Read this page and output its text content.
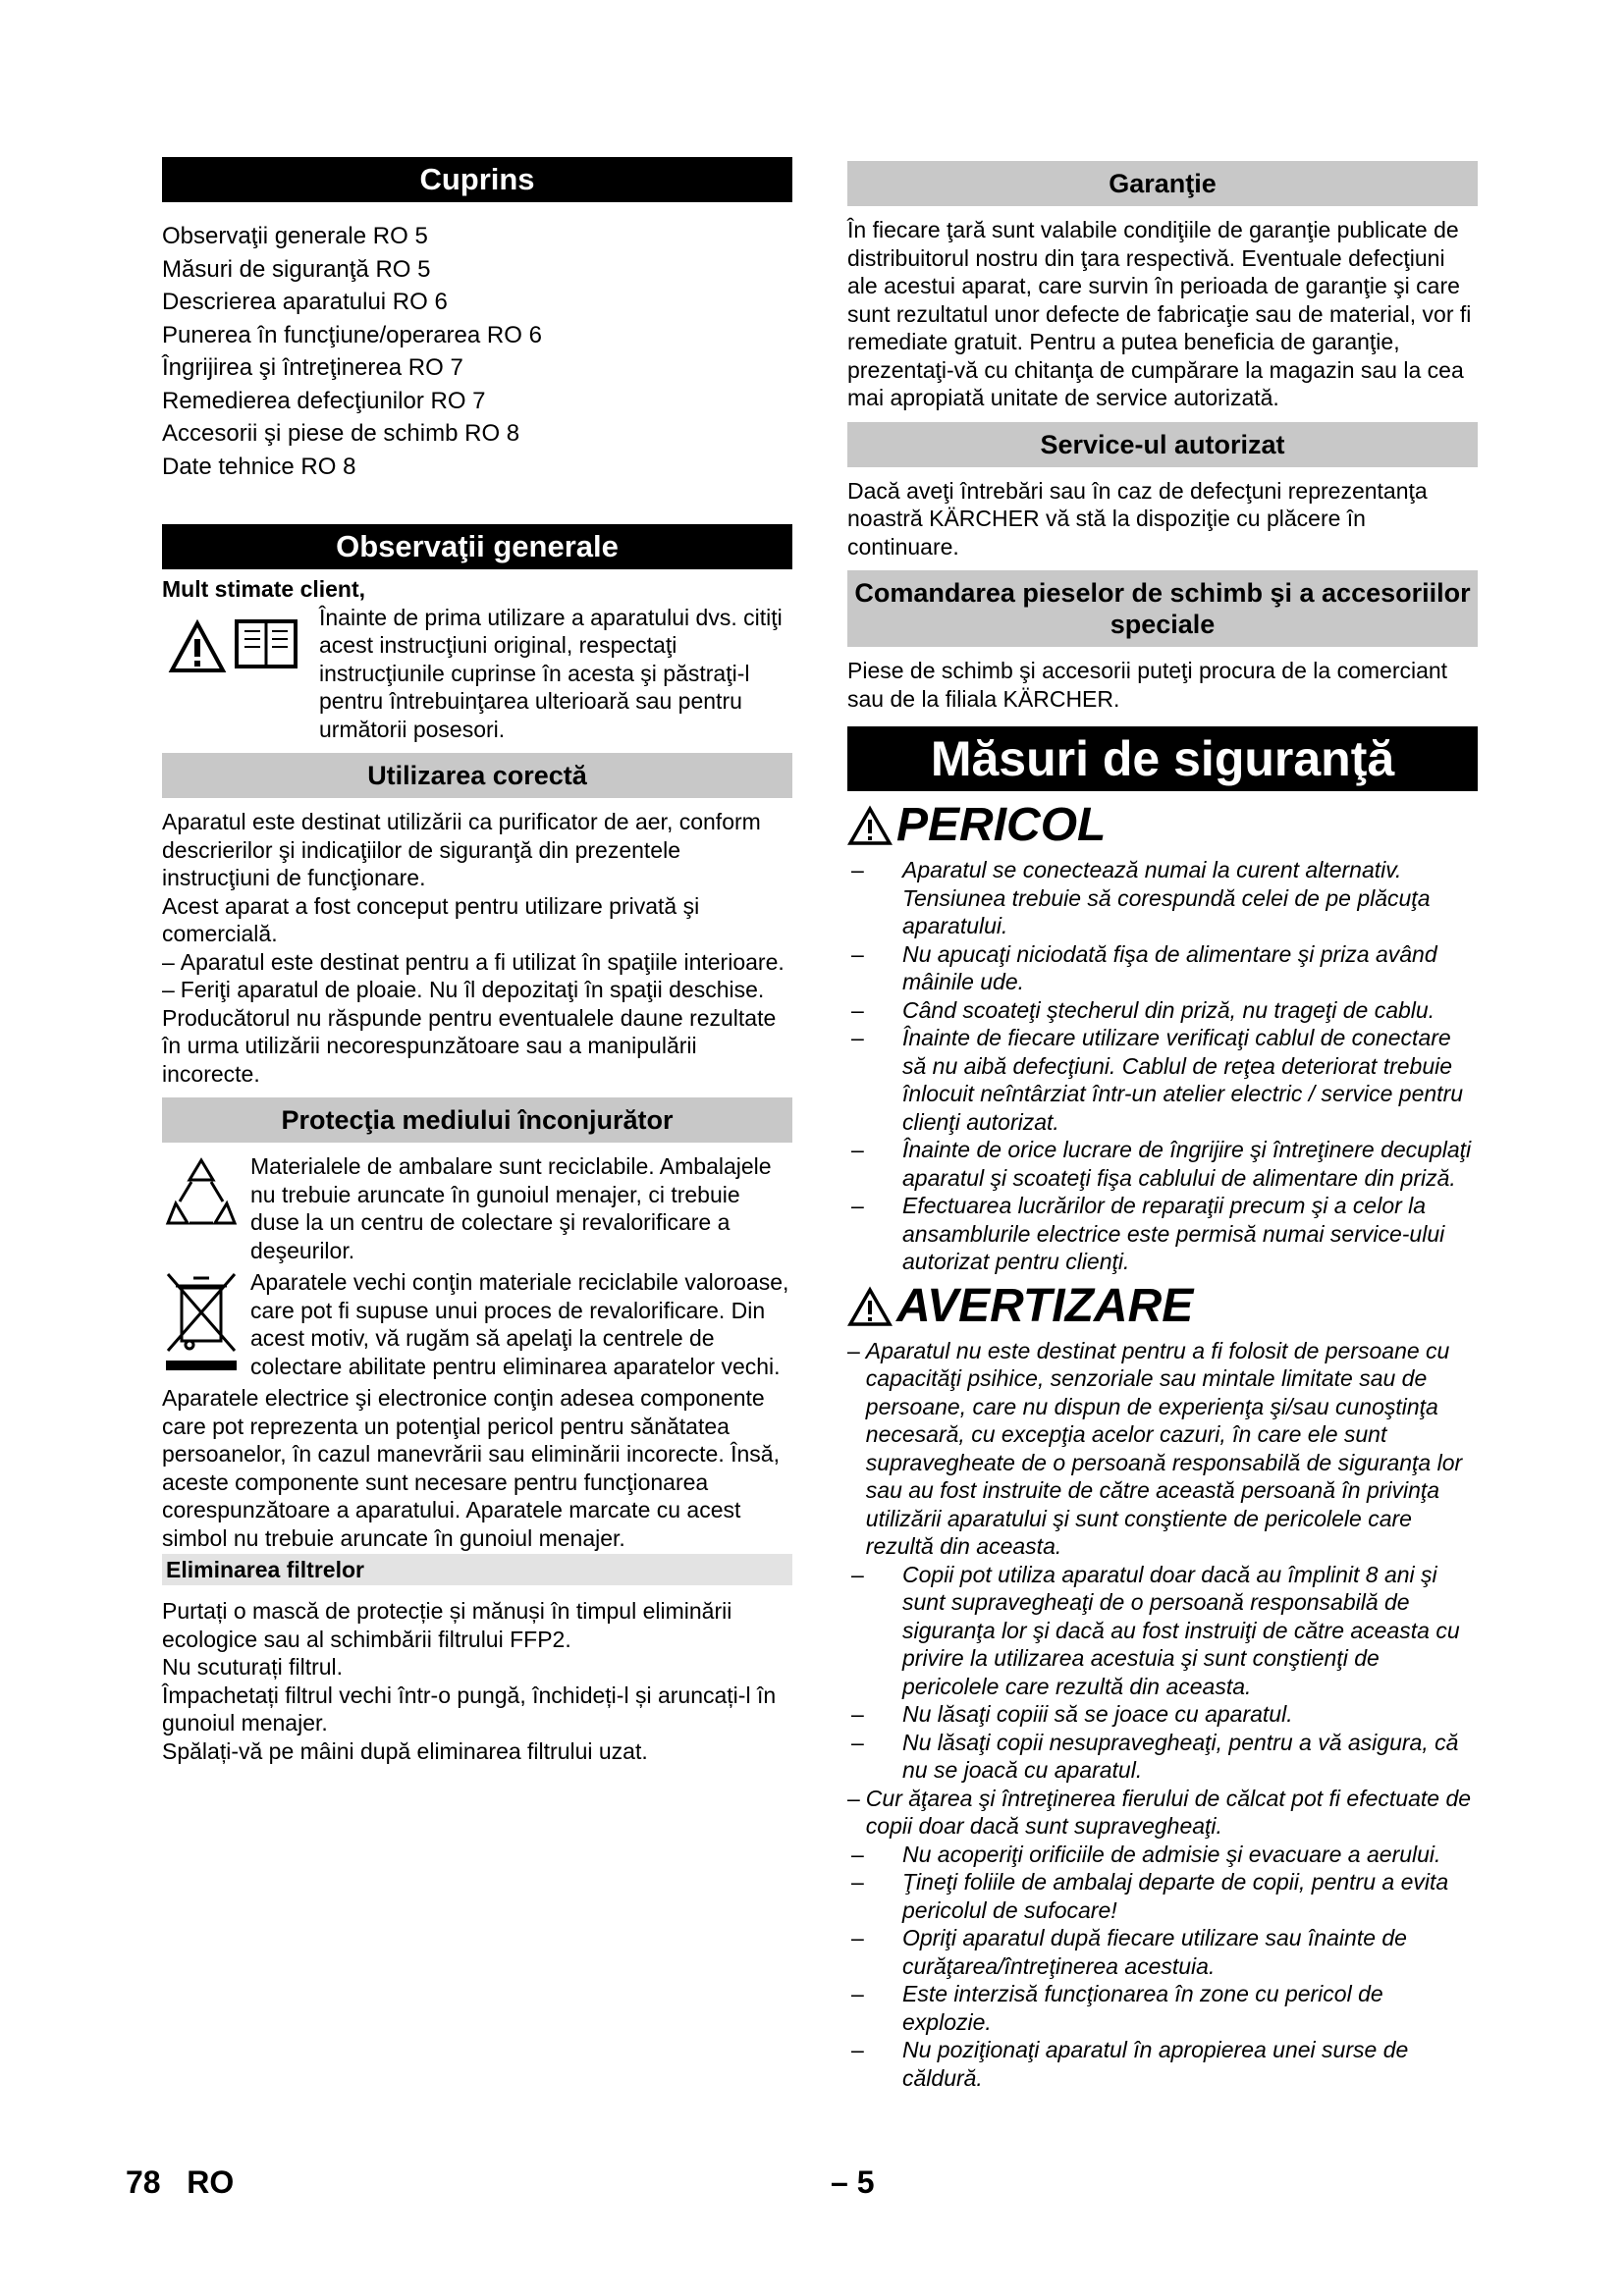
Cuprins

Observaţii generale RO 5

Măsuri de siguranţă RO 5

Descrierea aparatului RO 6

Punerea în funcţiune/operarea RO 6

Îngrijirea şi întreţinerea RO 7

Remedierea defecţiunilor RO 7

Accesorii şi piese de schimb RO 8

Date tehnice RO 8

Observaţii generale

Mult stimate client,

Înainte de prima utilizare a aparatului dvs. citiţi acest instrucţiuni original, respectaţi instrucţiunile cuprinse în acesta şi păstraţi-l pentru întrebuinţarea ulterioară sau pentru următorii posesori.

Utilizarea corectă

Aparatul este destinat utilizării ca purificator de aer, conform descrierilor şi indicaţiilor de siguranţă din prezentele instrucţiuni de funcţionare.

Acest aparat a fost conceput pentru utilizare privată şi comercială.

– Aparatul este destinat pentru a fi utilizat în spaţiile interioare.
– Feriţi aparatul de ploaie. Nu îl depozitaţi în spaţii deschise.

Producătorul nu răspunde pentru eventualele daune rezultate în urma utilizării necorespunzătoare sau a manipulării incorecte.

Protecţia mediului înconjurător

Materialele de ambalare sunt reciclabile. Ambalajele nu trebuie aruncate în gunoiul menajer, ci trebuie duse la un centru de colectare şi revalorificare a deşeurilor.

Aparatele vechi conţin materiale reciclabile valoroase, care pot fi supuse unui proces de revalorificare. Din acest motiv, vă rugăm să apelaţi la centrele de colectare abilitate pentru eliminarea aparatelor vechi.

Aparatele electrice şi electronice conţin adesea componente care pot reprezenta un potenţial pericol pentru sănătatea persoanelor, în cazul manevrării sau eliminării incorecte. Însă, aceste componente sunt necesare pentru funcţionarea corespunzătoare a aparatului. Aparatele marcate cu acest simbol nu trebuie aruncate în gunoiul menajer.

Eliminarea filtrelor

Purtați o mască de protecție și mănuși în timpul eliminării ecologice sau al schimbării filtrului FFP2.

Nu scuturați filtrul.

Împachetați filtrul vechi într-o pungă, închideți-l și aruncați-l în gunoiul menajer.

Spălați-vă pe mâini după eliminarea filtrului uzat.

Garanţie

În fiecare ţară sunt valabile condiţiile de garanţie publicate de distribuitorul nostru din ţara respectivă. Eventuale defecţiuni ale acestui aparat, care survin în perioada de garanţie şi care sunt rezultatul unor defecte de fabricaţie sau de material, vor fi remediate gratuit. Pentru a putea beneficia de garanţie, prezentaţi-vă cu chitanţa de cumpărare la magazin sau la cea mai apropiată unitate de service autorizată.

Service-ul autorizat

Dacă aveţi întrebări sau în caz de defecţuni reprezentanţa noastră KÄRCHER vă stă la dispoziţie cu plăcere în continuare.

Comandarea pieselor de schimb şi a accesoriilor speciale

Piese de schimb şi accesorii puteţi procura de la comerciant sau de la filiala KÄRCHER.

Măsuri de siguranţă
PERICOL
–	Aparatul se conectează numai la curent alternativ. Tensiunea trebuie să corespundă celei de pe plăcuţa aparatului.
–	Nu apucaţi niciodată fişa de alimentare şi priza având mâinile ude.
–	Când scoateţi ştecherul din priză, nu trageţi de cablu.
–	Înainte de fiecare utilizare verificaţi cablul de conectare să nu aibă defecţiuni. Cablul de reţea deteriorat trebuie înlocuit neîntârziat într-un atelier electric / service pentru clienţi autorizat.
–	Înainte de orice lucrare de îngrijire şi întreţinere decuplaţi aparatul şi scoateţi fişa cablului de alimentare din priză.
–	Efectuarea lucrărilor de reparaţii precum şi a celor la ansamblurile electrice este permisă numai service-ului autorizat pentru clienţi.
AVERTIZARE
– Aparatul nu este destinat pentru a fi folosit de persoane cu capacităţi psihice, senzoriale sau mintale limitate sau de persoane, care nu dispun de experienţa şi/sau cunoştinţa necesară, cu excepţia acelor cazuri, în care ele sunt supravegheate de o persoană responsabilă de siguranţa lor sau au fost instruite de către această persoană în privinţa utilizării aparatului şi sunt conştiente de pericolele care rezultă din aceasta.
–	Copii pot utiliza aparatul doar dacă au împlinit 8 ani şi sunt supravegheaţi de o persoană responsabilă de siguranţa lor şi dacă au fost instruiţi de către aceasta cu privire la utilizarea acestuia şi sunt conştienţi de pericolele care rezultă din aceasta.
–	Nu lăsaţi copiii să se joace cu aparatul.
–	Nu lăsaţi copii nesupravegheaţi, pentru a vă asigura, că nu se joacă cu aparatul.
– Cur ăţarea şi întreţinerea fierului de călcat pot fi efectuate de copii doar dacă sunt supravegheaţi.
–	Nu acoperiţi orificiile de admisie şi evacuare a aerului.
–	Ţineţi foliile de ambalaj departe de copii, pentru a evita pericolul de sufocare!
–	Opriţi aparatul după fiecare utilizare sau înainte de curăţarea/întreţinerea acestuia.
–	Este interzisă funcţionarea în zone cu pericol de explozie.
–	Nu poziţionaţi aparatul în apropierea unei surse de căldură.
78   RO	– 5
